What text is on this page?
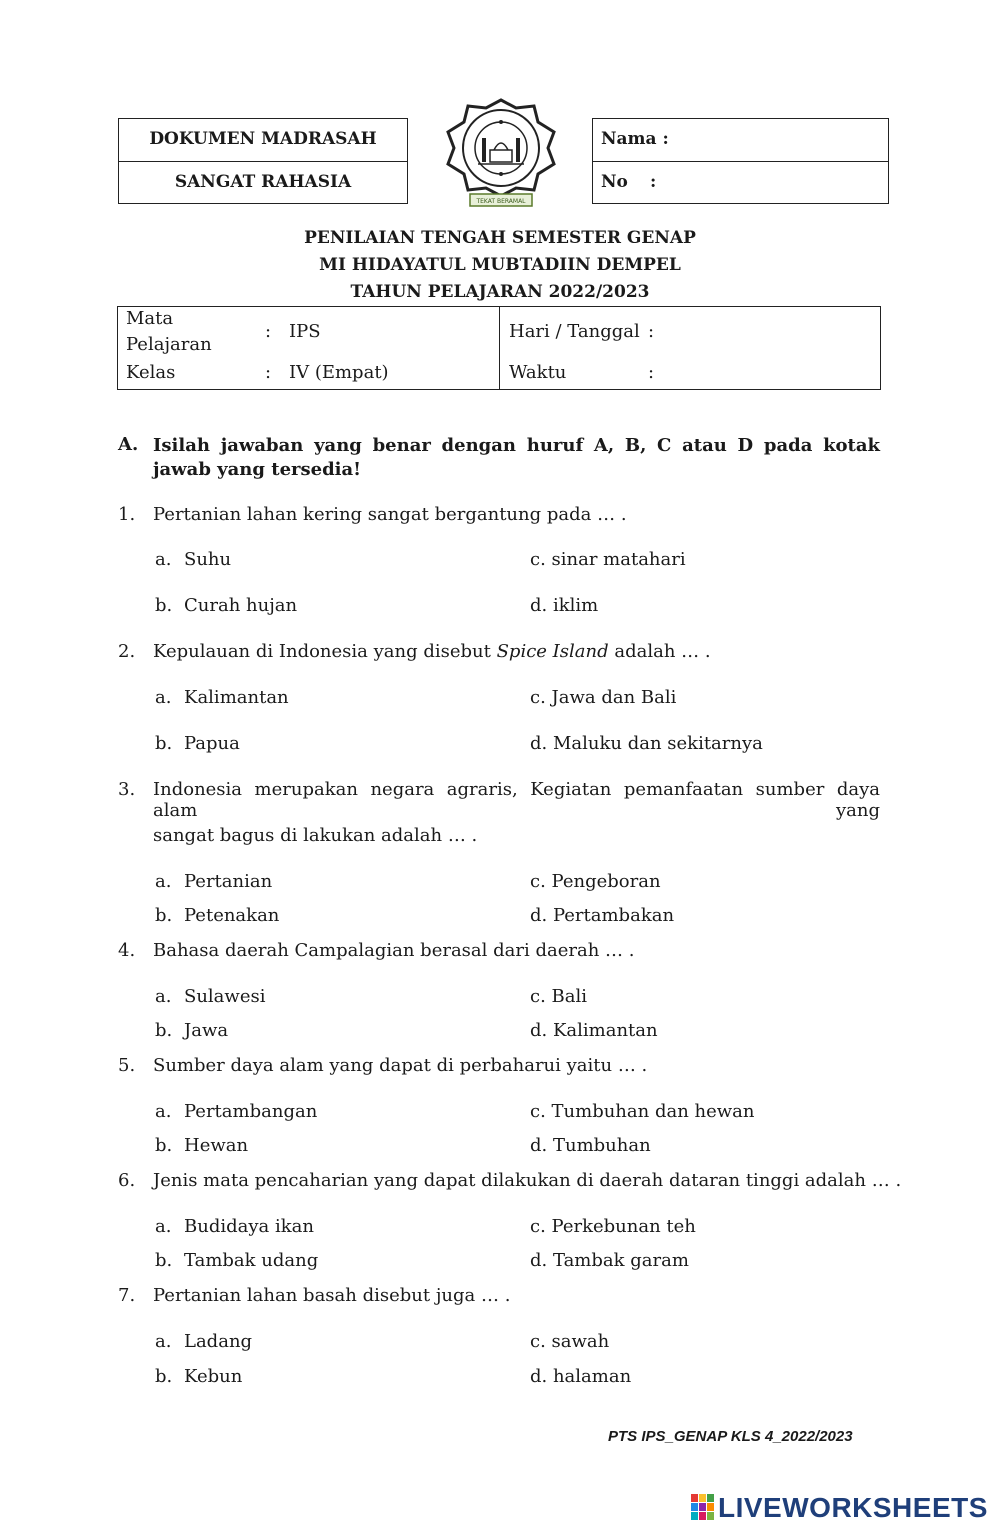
DOKUMEN MADRASAH
SANGAT RAHASIA
TEKAT BERAMAL
Nama :
No :
PENILAIAN TENGAH SEMESTER GENAP
MI HIDAYATUL MUBTADIIN DEMPEL
TAHUN PELAJARAN 2022/2023
Mata
Pelajaran
: IPS	Hari / Tanggal :
Kelas	: IV (Empat)	Waktu	:
A. Isilah jawaban yang benar dengan huruf A, B, C atau D pada kotak jawab yang tersedia!
1. Pertanian lahan kering sangat bergantung pada … .
a. Suhu	c. sinar matahari
b. Curah hujan	d. iklim
2. Kepulauan di Indonesia yang disebut Spice Island adalah … .
a. Kalimantan	c. Jawa dan Bali
b. Papua	d. Maluku dan sekitarnya
3. Indonesia merupakan negara agraris, Kegiatan pemanfaatan sumber daya alam yang
sangat bagus di lakukan adalah … .
a. Pertanian	c. Pengeboran
b. Petenakan	d. Pertambakan
4. Bahasa daerah Campalagian berasal dari daerah … .
a. Sulawesi	c. Bali
b. Jawa	d. Kalimantan
5. Sumber daya alam yang dapat di perbaharui yaitu … .
a. Pertambangan	c. Tumbuhan dan hewan
b. Hewan	d. Tumbuhan
6. Jenis mata pencaharian yang dapat dilakukan di daerah dataran tinggi adalah … .
a. Budidaya ikan	c. Perkebunan teh
b. Tambak udang	d. Tambak garam
7. Pertanian lahan basah disebut juga … .
a. Ladang	c. sawah
b. Kebun	d. halaman
PTS IPS_GENAP KLS 4_2022/2023
LIVEWORKSHEETS
